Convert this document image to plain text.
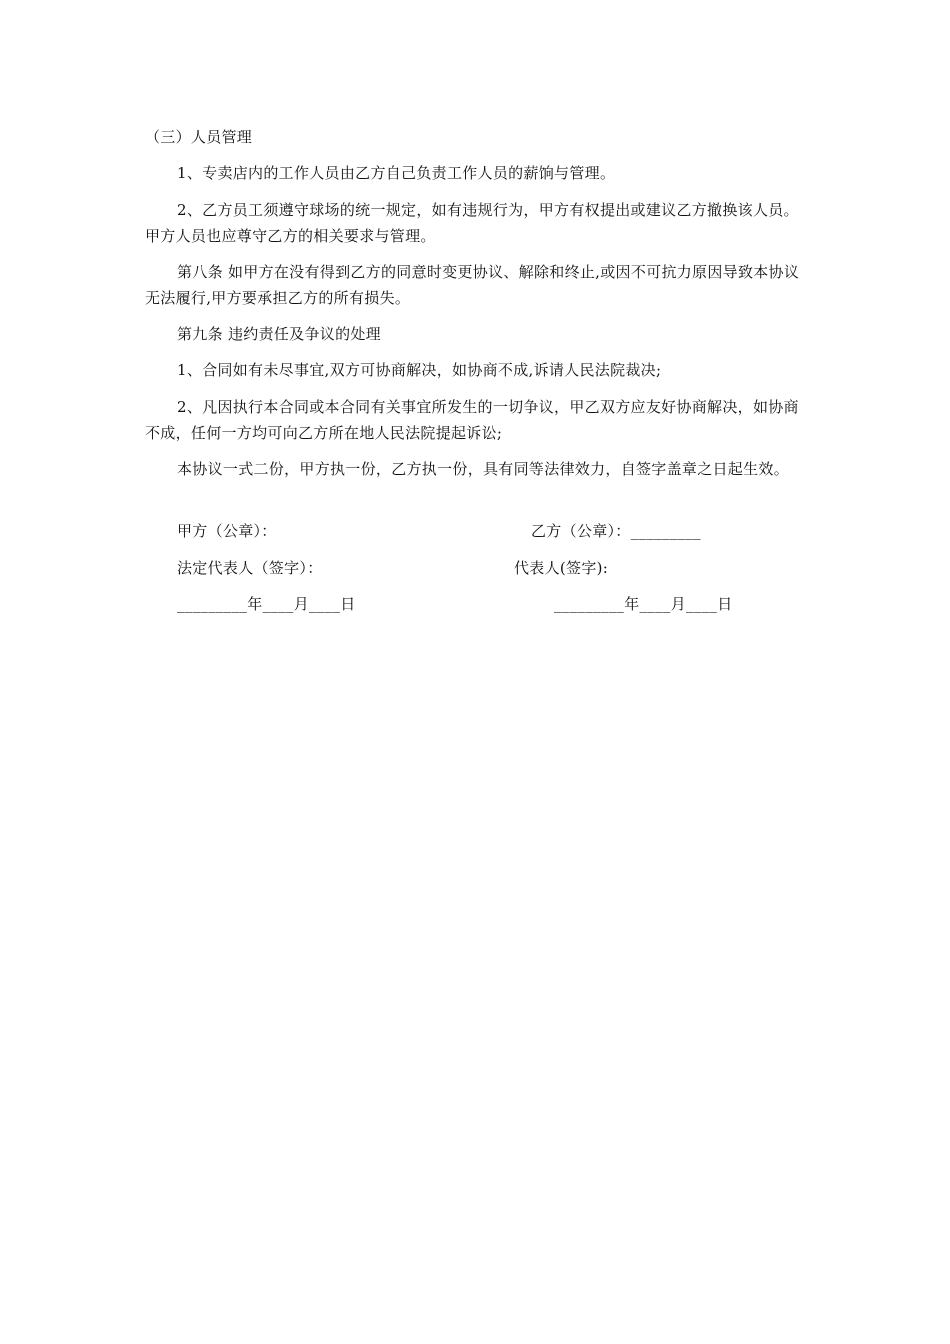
（三）人员管理

1、专卖店内的工作人员由乙方自己负责工作人员的薪饷与管理。

2、乙方员工须遵守球场的统一规定，如有违规行为，甲方有权提出或建议乙方撤换该人员。甲方人员也应尊守乙方的相关要求与管理。

第八条 如甲方在没有得到乙方的同意时变更协议、解除和终止,或因不可抗力原因导致本协议无法履行,甲方要承担乙方的所有损失。

第九条 违约责任及争议的处理

1、合同如有未尽事宜,双方可协商解决，如协商不成,诉请人民法院裁决;

2、凡因执行本合同或本合同有关事宜所发生的一切争议，甲乙双方应友好协商解决，如协商不成，任何一方均可向乙方所在地人民法院提起诉讼;

本协议一式二份，甲方执一份，乙方执一份，具有同等法律效力，自签字盖章之日起生效。

甲方（公章）：	乙方（公章）：_________
法定代表人（签字）：	代表人(签字):
_________年____月____日	_________年____月____日
